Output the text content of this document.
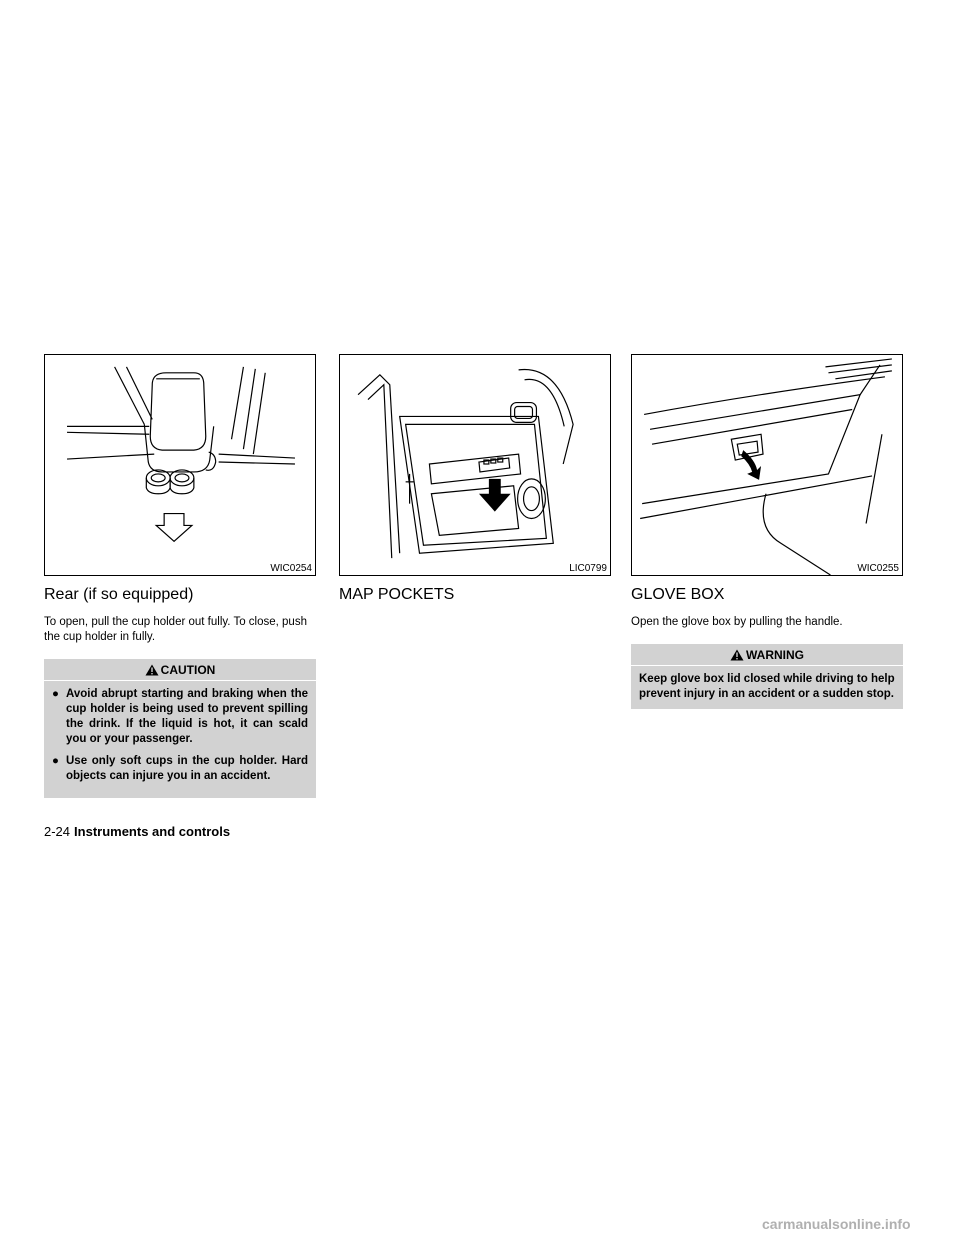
WIC0254
Rear (if so equipped)

To open, pull the cup holder out fully. To close, push the cup holder in fully.

CAUTION
● Avoid abrupt starting and braking when the cup holder is being used to prevent spilling the drink. If the liquid is hot, it can scald you or your passenger.
● Use only soft cups in the cup holder. Hard objects can injure you in an accident.
LIC0799
MAP POCKETS
WIC0255
GLOVE BOX

Open the glove box by pulling the handle.

WARNING

Keep glove box lid closed while driving to help prevent injury in an accident or a sudden stop.

2-24 Instruments and controls
carmanualsonline.info
